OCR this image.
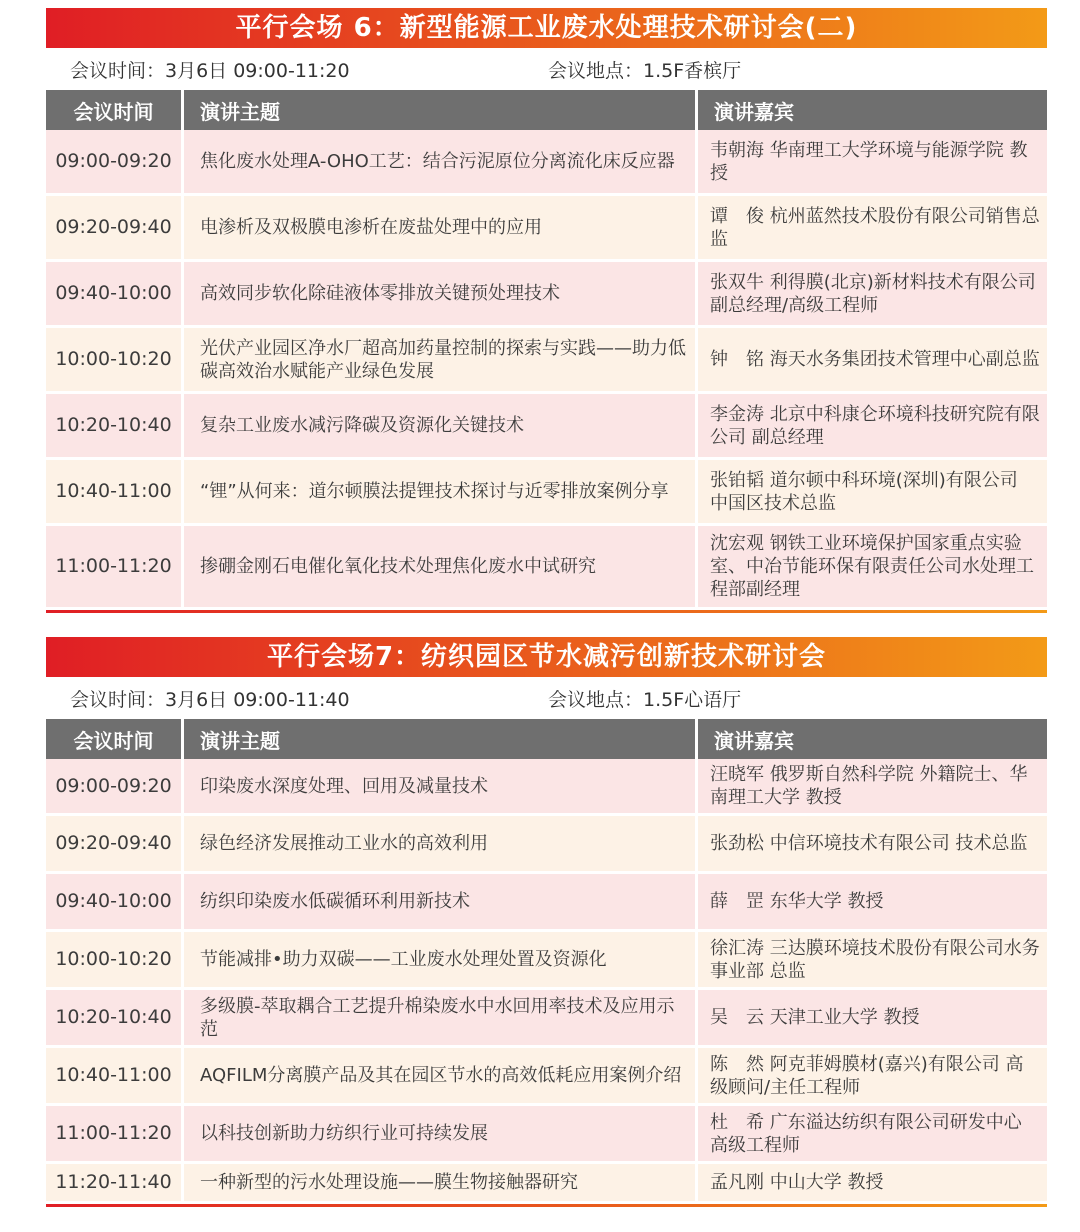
平行会场 6：新型能源工业废水处理技术研讨会(二)
会议时间：3月6日 09:00-11:20	会议地点：1.5F香槟厅
会议时间	演讲主题	演讲嘉宾
09:00-09:20	焦化废水处理A-OHO工艺：结合污泥原位分离流化床反应器	韦朝海 华南理工大学环境与能源学院 教授
09:20-09:40	电渗析及双极膜电渗析在废盐处理中的应用	谭　俊 杭州蓝然技术股份有限公司销售总监
09:40-10:00	高效同步软化除硅液体零排放关键预处理技术	张双牛 利得膜(北京)新材料技术有限公司 副总经理/高级工程师
10:00-10:20	光伏产业园区净水厂超高加药量控制的探索与实践——助力低碳高效治水赋能产业绿色发展	钟　铭 海天水务集团技术管理中心副总监
10:20-10:40	复杂工业废水减污降碳及资源化关键技术	李金涛 北京中科康仑环境科技研究院有限公司 副总经理
10:40-11:00	“锂”从何来：道尔顿膜法提锂技术探讨与近零排放案例分享	张铂韬 道尔顿中科环境(深圳)有限公司 中国区技术总监
11:00-11:20	掺硼金刚石电催化氧化技术处理焦化废水中试研究	沈宏观 钢铁工业环境保护国家重点实验室、中冶节能环保有限责任公司水处理工程部副经理
平行会场7：纺织园区节水减污创新技术研讨会
会议时间：3月6日 09:00-11:40	会议地点：1.5F心语厅
会议时间	演讲主题	演讲嘉宾
09:00-09:20	印染废水深度处理、回用及减量技术	汪晓军 俄罗斯自然科学院 外籍院士、华南理工大学 教授
09:20-09:40	绿色经济发展推动工业水的高效利用	张劲松 中信环境技术有限公司 技术总监
09:40-10:00	纺织印染废水低碳循环利用新技术	薛　罡 东华大学 教授
10:00-10:20	节能减排•助力双碳——工业废水处理处置及资源化	徐汇涛 三达膜环境技术股份有限公司水务事业部 总监
10:20-10:40	多级膜-萃取耦合工艺提升棉染废水中水回用率技术及应用示范	吴　云 天津工业大学 教授
10:40-11:00	AQFILM分离膜产品及其在园区节水的高效低耗应用案例介绍	陈　然 阿克菲姆膜材(嘉兴)有限公司 高级顾问/主任工程师
11:00-11:20	以科技创新助力纺织行业可持续发展	杜　希 广东溢达纺织有限公司研发中心 高级工程师
11:20-11:40	一种新型的污水处理设施——膜生物接触器研究	孟凡刚 中山大学 教授
